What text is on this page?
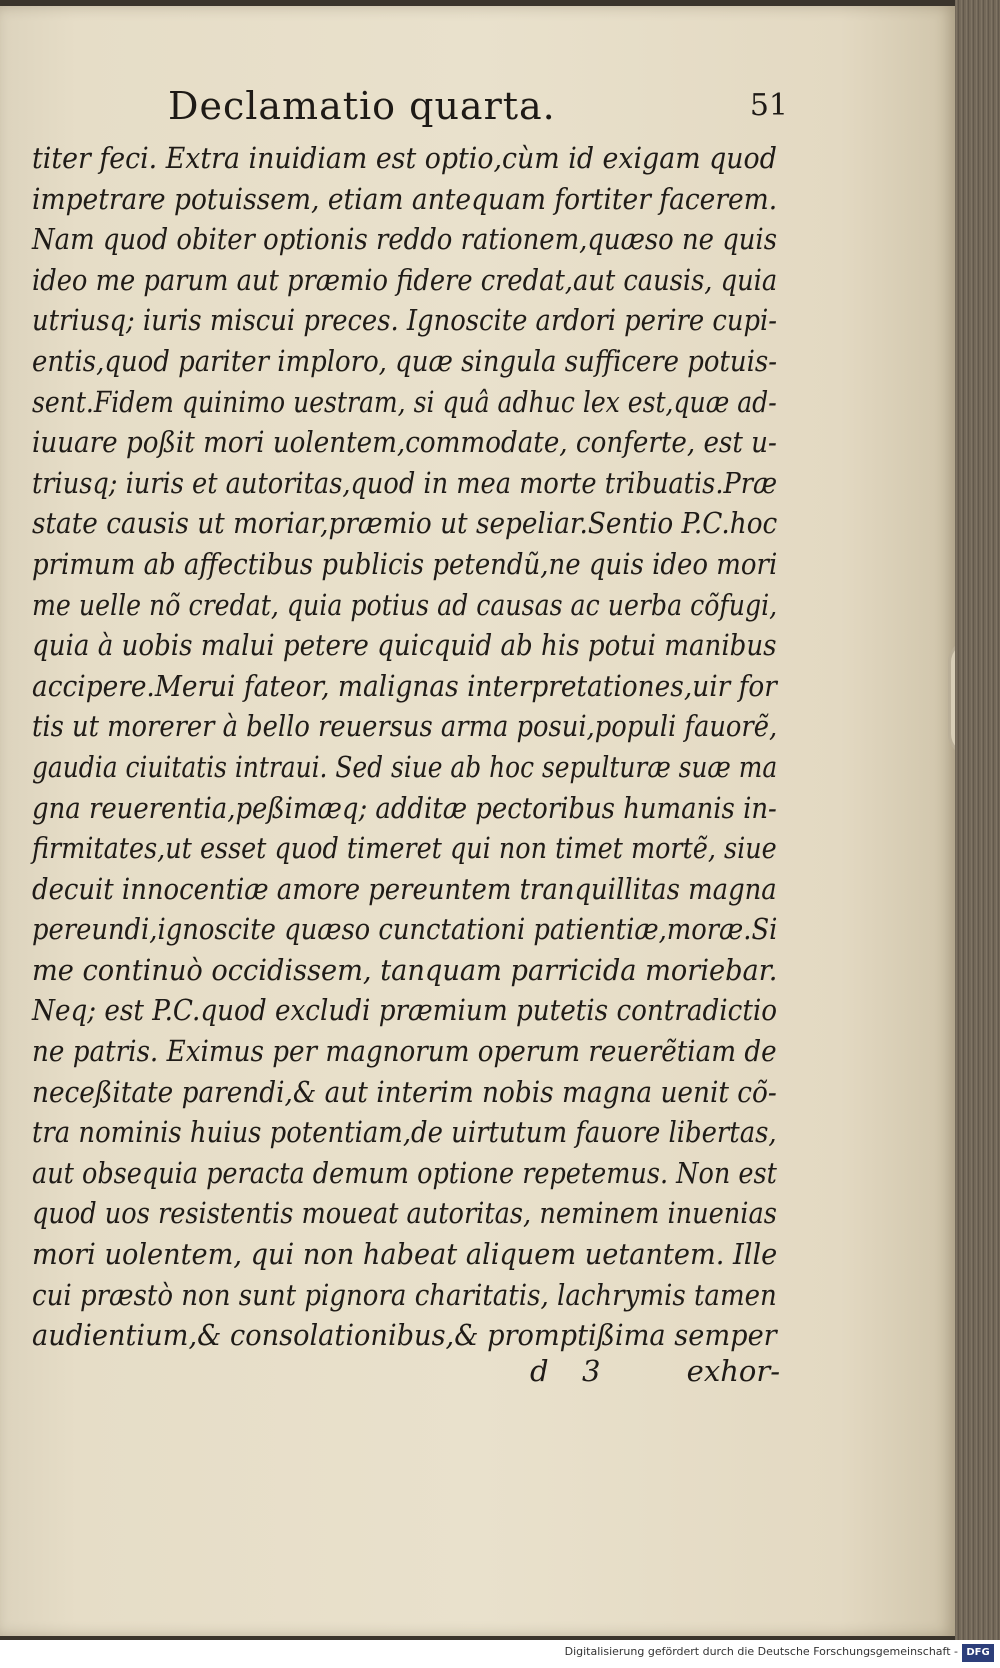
Declamatio quarta.	51
titer feci. Extra inuidiam est optio,cùm id exigam quod
impetrare potuissem, etiam antequam fortiter facerem.
Nam quod obiter optionis reddo rationem,quæso ne quis
ideo me parum aut præmio fidere credat,aut causis, quia
utriusq; iuris miscui preces. Ignoscite ardori perire cupi-
entis,quod pariter imploro, quæ singula sufficere potuis-
sent.Fidem quinimo uestram, si quâ adhuc lex est,quæ ad-
iuuare poßit mori uolentem,commodate, conferte, est u-
triusq; iuris et autoritas,quod in mea morte tribuatis.Præ
state causis ut moriar,præmio ut sepeliar.Sentio P.C.hoc
primum ab affectibus publicis petendũ,ne quis ideo mori
me uelle nõ credat, quia potius ad causas ac uerba cõfugi,
quia à uobis malui petere quicquid ab his potui manibus
accipere.Merui fateor, malignas interpretationes,uir for
tis ut morerer à bello reuersus arma posui,populi fauorẽ,
gaudia ciuitatis intraui. Sed siue ab hoc sepulturæ suæ ma
gna reuerentia,peßimæq; additæ pectoribus humanis in-
firmitates,ut esset quod timeret qui non timet mortẽ, siue
decuit innocentiæ amore pereuntem tranquillitas magna
pereundi,ignoscite quæso cunctationi patientiæ,moræ.Si
me continuò occidissem, tanquam parricida moriebar.
Neq; est P.C.quod excludi præmium putetis contradictio
ne patris. Eximus per magnorum operum reuerẽtiam de
neceßitate parendi,& aut interim nobis magna uenit cõ-
tra nominis huius potentiam,de uirtutum fauore libertas,
aut obsequia peracta demum optione repetemus. Non est
quod uos resistentis moueat autoritas, neminem inuenias
mori uolentem, qui non habeat aliquem uetantem. Ille
cui præstò non sunt pignora charitatis, lachrymis tamen
audientium,& consolationibus,& promptißima semper
d 3	exhor-
Digitalisierung gefördert durch die Deutsche Forschungsgemeinschaft - DFG
